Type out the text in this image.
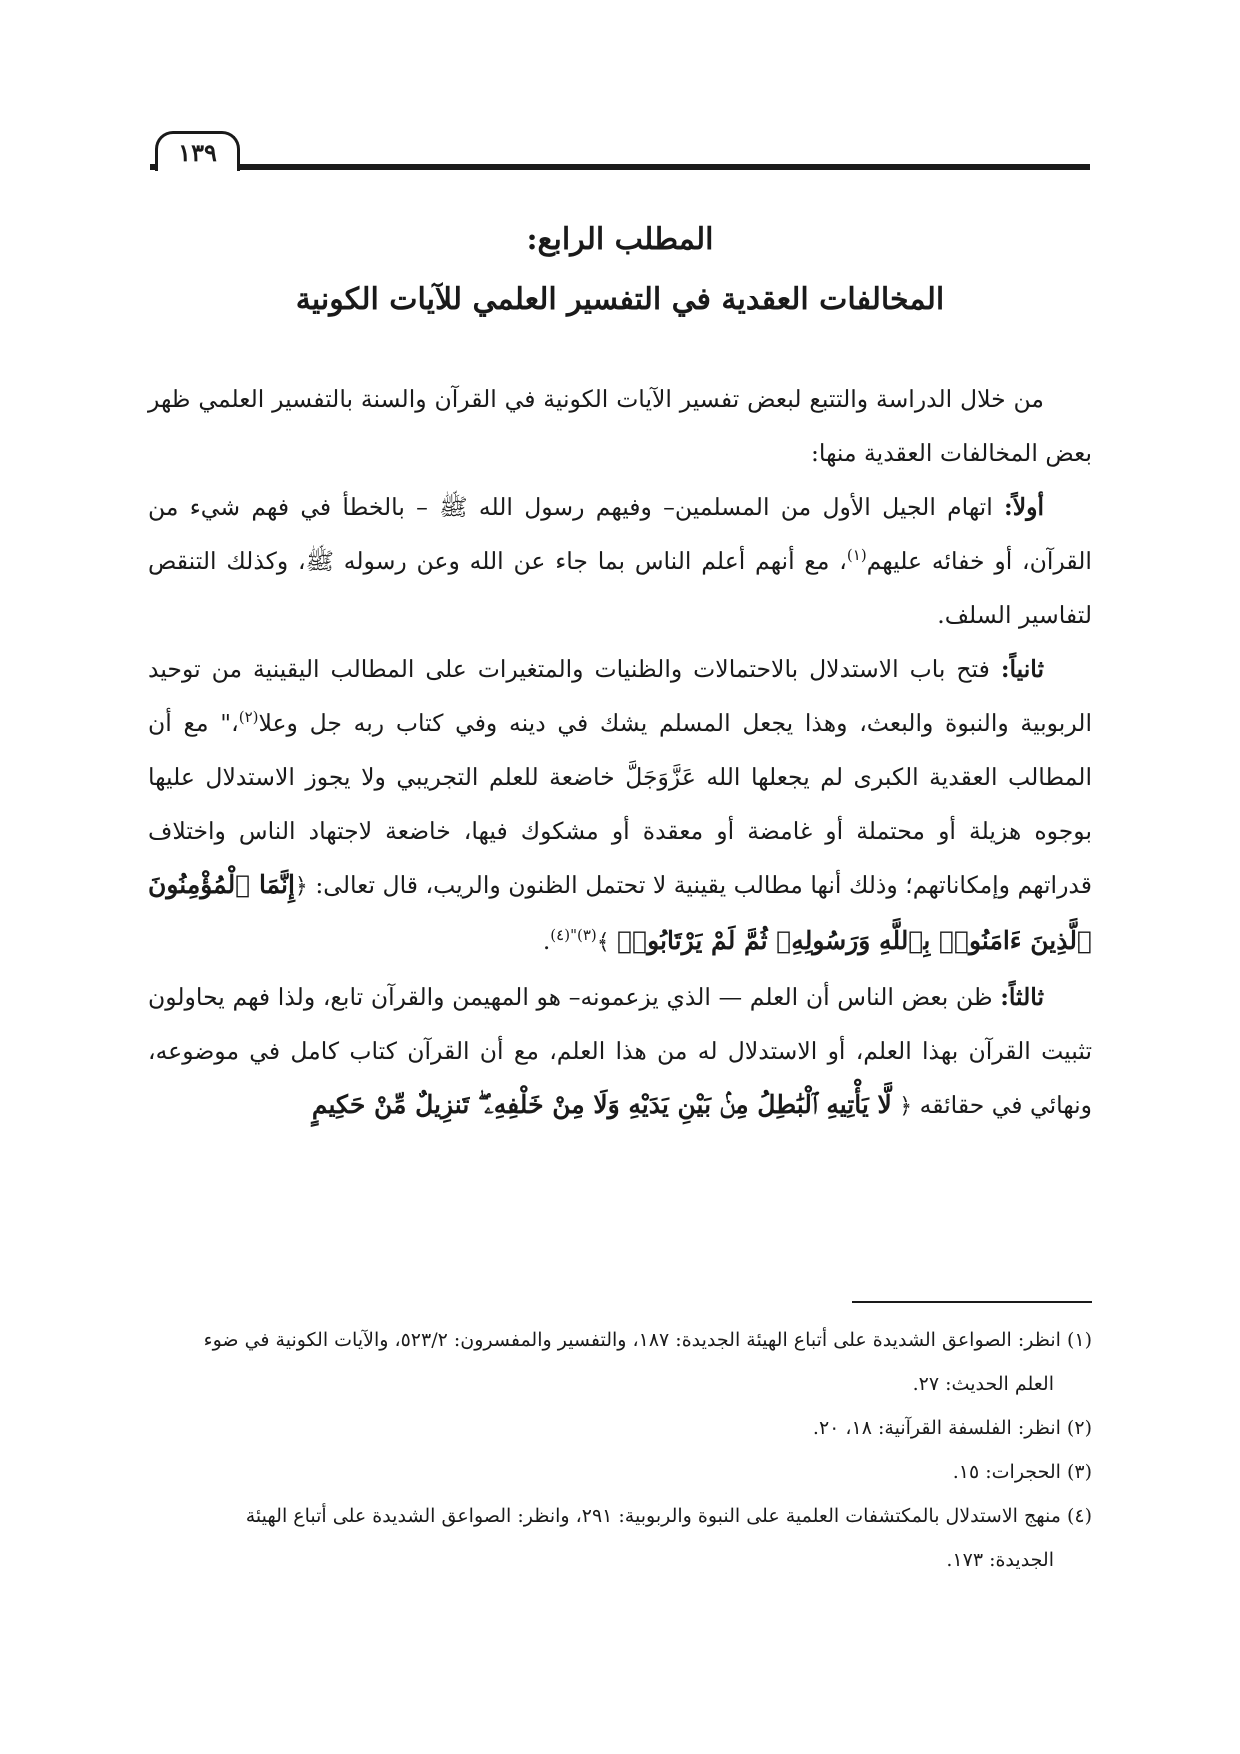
١٣٩
المطلب الرابع:
المخالفات العقدية في التفسير العلمي للآيات الكونية

من خلال الدراسة والتتبع لبعض تفسير الآيات الكونية في القرآن والسنة بالتفسير العلمي ظهر بعض المخالفات العقدية منها:

أولاً: اتهام الجيل الأول من المسلمين– وفيهم رسول الله ﷺ – بالخطأ في فهم شيء من القرآن، أو خفائه عليهم$^{(١)}$، مع أنهم أعلم الناس بما جاء عن الله وعن رسوله ﷺ، وكذلك التنقص لتفاسير السلف.

ثانياً: فتح باب الاستدلال بالاحتمالات والظنيات والمتغيرات على المطالب اليقينية من توحيد الربوبية والنبوة والبعث، وهذا يجعل المسلم يشك في دينه وفي كتاب ربه جل وعلا$^{(٢)}$،" مع أن المطالب العقدية الكبرى لم يجعلها الله عَزَّوَجَلَّ خاضعة للعلم التجريبي ولا يجوز الاستدلال عليها بوجوه هزيلة أو محتملة أو غامضة أو معقدة أو مشكوك فيها، خاضعة لاجتهاد الناس واختلاف قدراتهم وإمكاناتهم؛ وذلك أنها مطالب يقينية لا تحتمل الظنون والريب، قال تعالى: ﴿إِنَّمَا ٱلْمُؤْمِنُونَ ٱلَّذِينَ ءَامَنُوا۟ بِٱللَّهِ وَرَسُولِهِۦ ثُمَّ لَمْ يَرْتَابُوا۟ ﴾$^{(٣)"(٤)}$.

ثالثاً: ظن بعض الناس أن العلم — الذي يزعمونه– هو المهيمن والقرآن تابع، ولذا فهم يحاولون تثبيت القرآن بهذا العلم، أو الاستدلال له من هذا العلم، مع أن القرآن كتاب كامل في موضوعه، ونهائي في حقائقه ﴿ لَّا يَأْتِيهِ ٱلْبَٰطِلُ مِنۢ بَيْنِ يَدَيْهِ وَلَا مِنْ خَلْفِهِۦ ۖ تَنزِيلٌ مِّنْ حَكِيمٍ

(١) انظر: الصواعق الشديدة على أتباع الهيئة الجديدة: ١٨٧، والتفسير والمفسرون: ٥٢٣/٢، والآيات الكونية في ضوء

العلم الحديث: ٢٧.

(٢) انظر: الفلسفة القرآنية: ١٨، ٢٠.

(٣) الحجرات: ١٥.

(٤) منهج الاستدلال بالمكتشفات العلمية على النبوة والربوبية: ٢٩١، وانظر: الصواعق الشديدة على أتباع الهيئة

الجديدة: ١٧٣.
